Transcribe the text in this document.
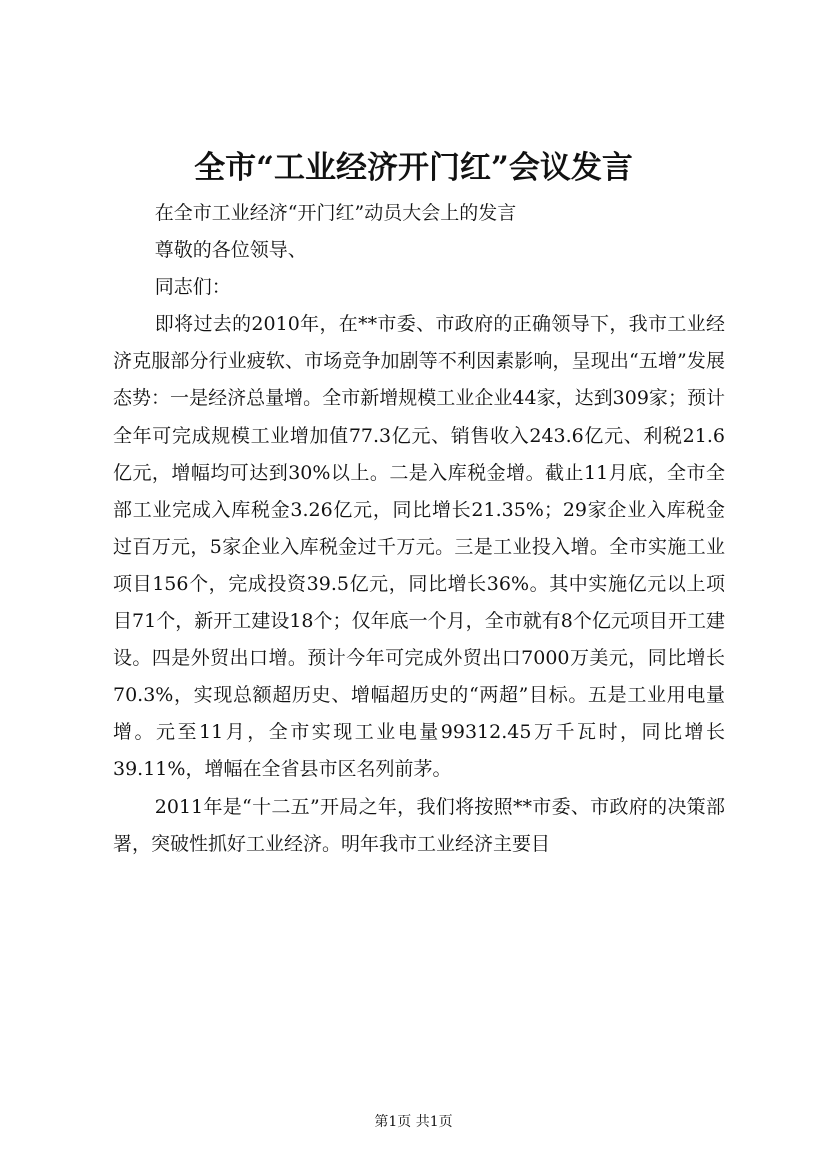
全市“工业经济开门红”会议发言

在全市工业经济“开门红”动员大会上的发言

尊敬的各位领导、

同志们：

即将过去的2010年，在**市委、市政府的正确领导下，我市工业经济克服部分行业疲软、市场竞争加剧等不利因素影响，呈现出“五增”发展态势：一是经济总量增。全市新增规模工业企业44家，达到309家；预计全年可完成规模工业增加值77.3亿元、销售收入243.6亿元、利税21.6亿元，增幅均可达到30%以上。二是入库税金增。截止11月底，全市全部工业完成入库税金3.26亿元，同比增长21.35%；29家企业入库税金过百万元，5家企业入库税金过千万元。三是工业投入增。全市实施工业项目156个，完成投资39.5亿元，同比增长36%。其中实施亿元以上项目71个，新开工建设18个；仅年底一个月，全市就有8个亿元项目开工建设。四是外贸出口增。预计今年可完成外贸出口7000万美元，同比增长70.3%，实现总额超历史、增幅超历史的“两超”目标。五是工业用电量增。元至11月，全市实现工业电量99312.45万千瓦时，同比增长39.11%，增幅在全省县市区名列前茅。

2011年是“十二五”开局之年，我们将按照**市委、市政府的决策部署，突破性抓好工业经济。明年我市工业经济主要目

第1页 共1页
